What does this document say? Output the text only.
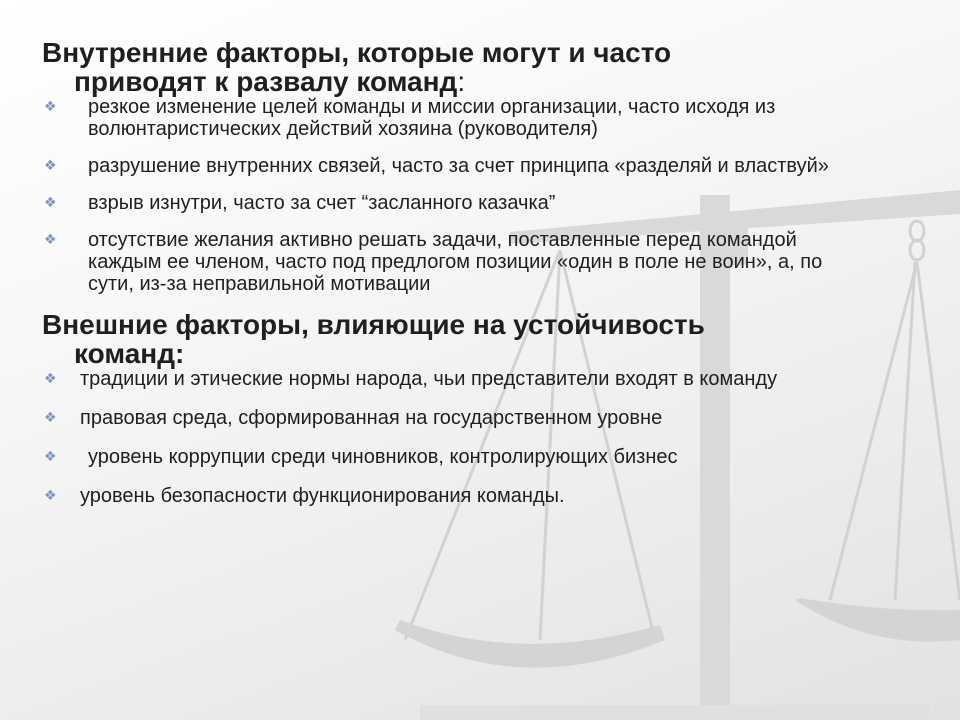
Внутренние факторы, которые могут и часто
приводят к развалу команд:
❖ резкое изменение целей команды и миссии организации, часто исходя из волюнтаристических действий хозяина (руководителя)
❖ разрушение внутренних связей, часто за счет принципа «разделяй и властвуй»
❖ взрыв изнутри, часто за счет “засланного казачка”
❖ отсутствие желания активно решать задачи, поставленные перед командой каждым ее членом, часто под предлогом позиции «один в поле не воин», а, по сути, из-за неправильной мотивации
Внешние факторы, влияющие на устойчивость
команд:
❖ традиции и этические нормы народа, чьи представители входят в команду
❖ правовая среда, сформированная на государственном уровне
❖ уровень коррупции среди чиновников, контролирующих бизнес
❖ уровень безопасности функционирования команды.
